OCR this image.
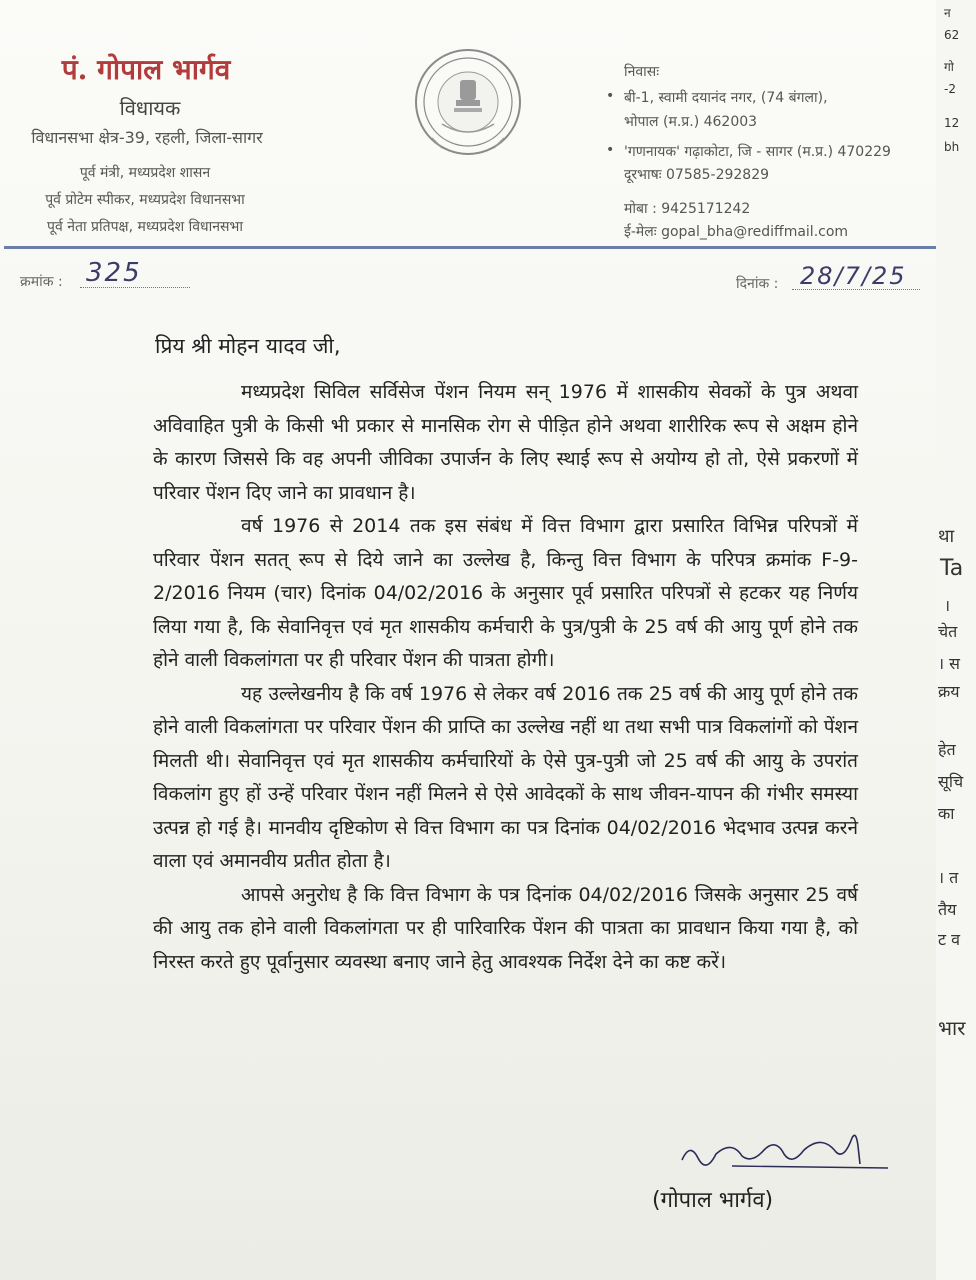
पं. गोपाल भार्गव
विधायक
विधानसभा क्षेत्र-39, रहली, जिला-सागर
पूर्व मंत्री, मध्यप्रदेश शासन
पूर्व प्रोटेम स्पीकर, मध्यप्रदेश विधानसभा
पूर्व नेता प्रतिपक्ष, मध्यप्रदेश विधानसभा
निवासः
• बी-1, स्वामी दयानंद नगर, (74 बंगला),
भोपाल (म.प्र.) 462003
• 'गणनायक' गढ़ाकोटा, जि - सागर (म.प्र.) 470229
दूरभाषः 07585-292829
मोबा : 9425171242
ई-मेलः gopal_bha@rediffmail.com
क्रमांक : 325	दिनांक : 28/7/25
प्रिय श्री मोहन यादव जी,

मध्यप्रदेश सिविल सर्विसेज पेंशन नियम सन् 1976 में शासकीय सेवकों के पुत्र अथवा अविवाहित पुत्री के किसी भी प्रकार से मानसिक रोग से पीड़ित होने अथवा शारीरिक रूप से अक्षम होने के कारण जिससे कि वह अपनी जीविका उपार्जन के लिए स्थाई रूप से अयोग्य हो तो, ऐसे प्रकरणों में परिवार पेंशन दिए जाने का प्रावधान है।

वर्ष 1976 से 2014 तक इस संबंध में वित्त विभाग द्वारा प्रसारित विभिन्न परिपत्रों में परिवार पेंशन सतत् रूप से दिये जाने का उल्लेख है, किन्तु वित्त विभाग के परिपत्र क्रमांक F-9-2/2016 नियम (चार) दिनांक 04/02/2016 के अनुसार पूर्व प्रसारित परिपत्रों से हटकर यह निर्णय लिया गया है, कि सेवानिवृत्त एवं मृत शासकीय कर्मचारी के पुत्र/पुत्री के 25 वर्ष की आयु पूर्ण होने तक होने वाली विकलांगता पर ही परिवार पेंशन की पात्रता होगी।

यह उल्लेखनीय है कि वर्ष 1976 से लेकर वर्ष 2016 तक 25 वर्ष की आयु पूर्ण होने तक होने वाली विकलांगता पर परिवार पेंशन की प्राप्ति का उल्लेख नहीं था तथा सभी पात्र विकलांगों को पेंशन मिलती थी। सेवानिवृत्त एवं मृत शासकीय कर्मचारियों के ऐसे पुत्र-पुत्री जो 25 वर्ष की आयु के उपरांत विकलांग हुए हों उन्हें परिवार पेंशन नहीं मिलने से ऐसे आवेदकों के साथ जीवन-यापन की गंभीर समस्या उत्पन्न हो गई है। मानवीय दृष्टिकोण से वित्त विभाग का पत्र दिनांक 04/02/2016 भेदभाव उत्पन्न करने वाला एवं अमानवीय प्रतीत होता है।

आपसे अनुरोध है कि वित्त विभाग के पत्र दिनांक 04/02/2016 जिसके अनुसार 25 वर्ष की आयु तक होने वाली विकलांगता पर ही पारिवारिक पेंशन की पात्रता का प्रावधान किया गया है, को निरस्त करते हुए पूर्वानुसार व्यवस्था बनाए जाने हेतु आवश्यक निर्देश देने का कष्ट करें।

(गोपाल भार्गव)
न
62
गो
-2
12
bh
था
Ta
।
चेत
। स
क्रय
हेत
सूचि
का
। त
तैय
ट व
भार
